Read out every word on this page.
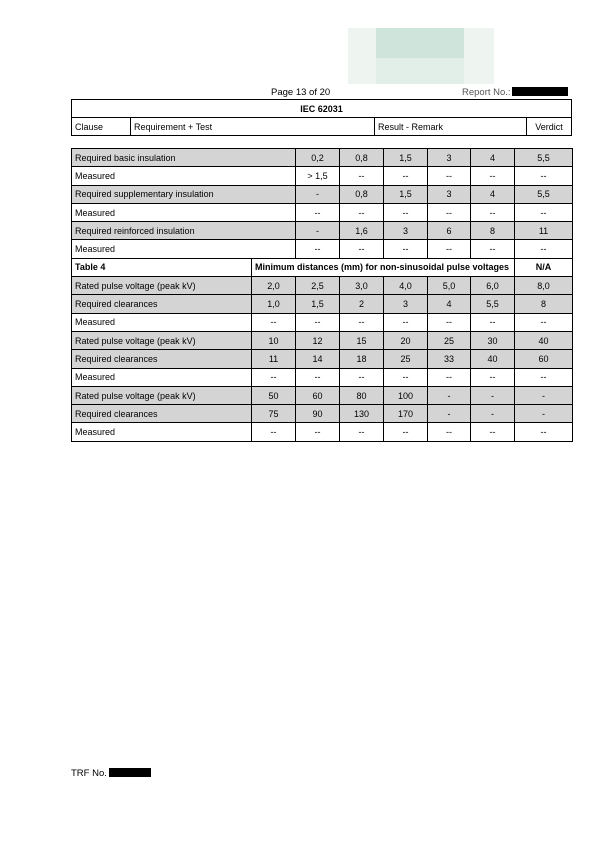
Page 13 of 20	Report No.:
IEC 62031
Clause	Requirement + Test	Result - Remark	Verdict
Required basic insulation		0,2	0,8	1,5	3	4	5,5
Measured		> 1,5	--	--	--	--	--
Required supplementary insulation		-	0,8	1,5	3	4	5,5
Measured		--	--	--	--	--	--
Required reinforced insulation		-	1,6	3	6	8	11
Measured		--	--	--	--	--	--
Table 4	Minimum distances (mm) for non-sinusoidal pulse voltages						N/A
Rated pulse voltage (peak kV)	2,0	2,5	3,0	4,0	5,0	6,0	8,0
Required clearances	1,0	1,5	2	3	4	5,5	8
Measured	--	--	--	--	--	--	--
Rated pulse voltage (peak kV)	10	12	15	20	25	30	40
Required clearances	11	14	18	25	33	40	60
Measured	--	--	--	--	--	--	--
Rated pulse voltage (peak kV)	50	60	80	100	-	-	-
Required clearances	75	90	130	170	-	-	-
Measured	--	--	--	--	--	--	--
TRF No.
